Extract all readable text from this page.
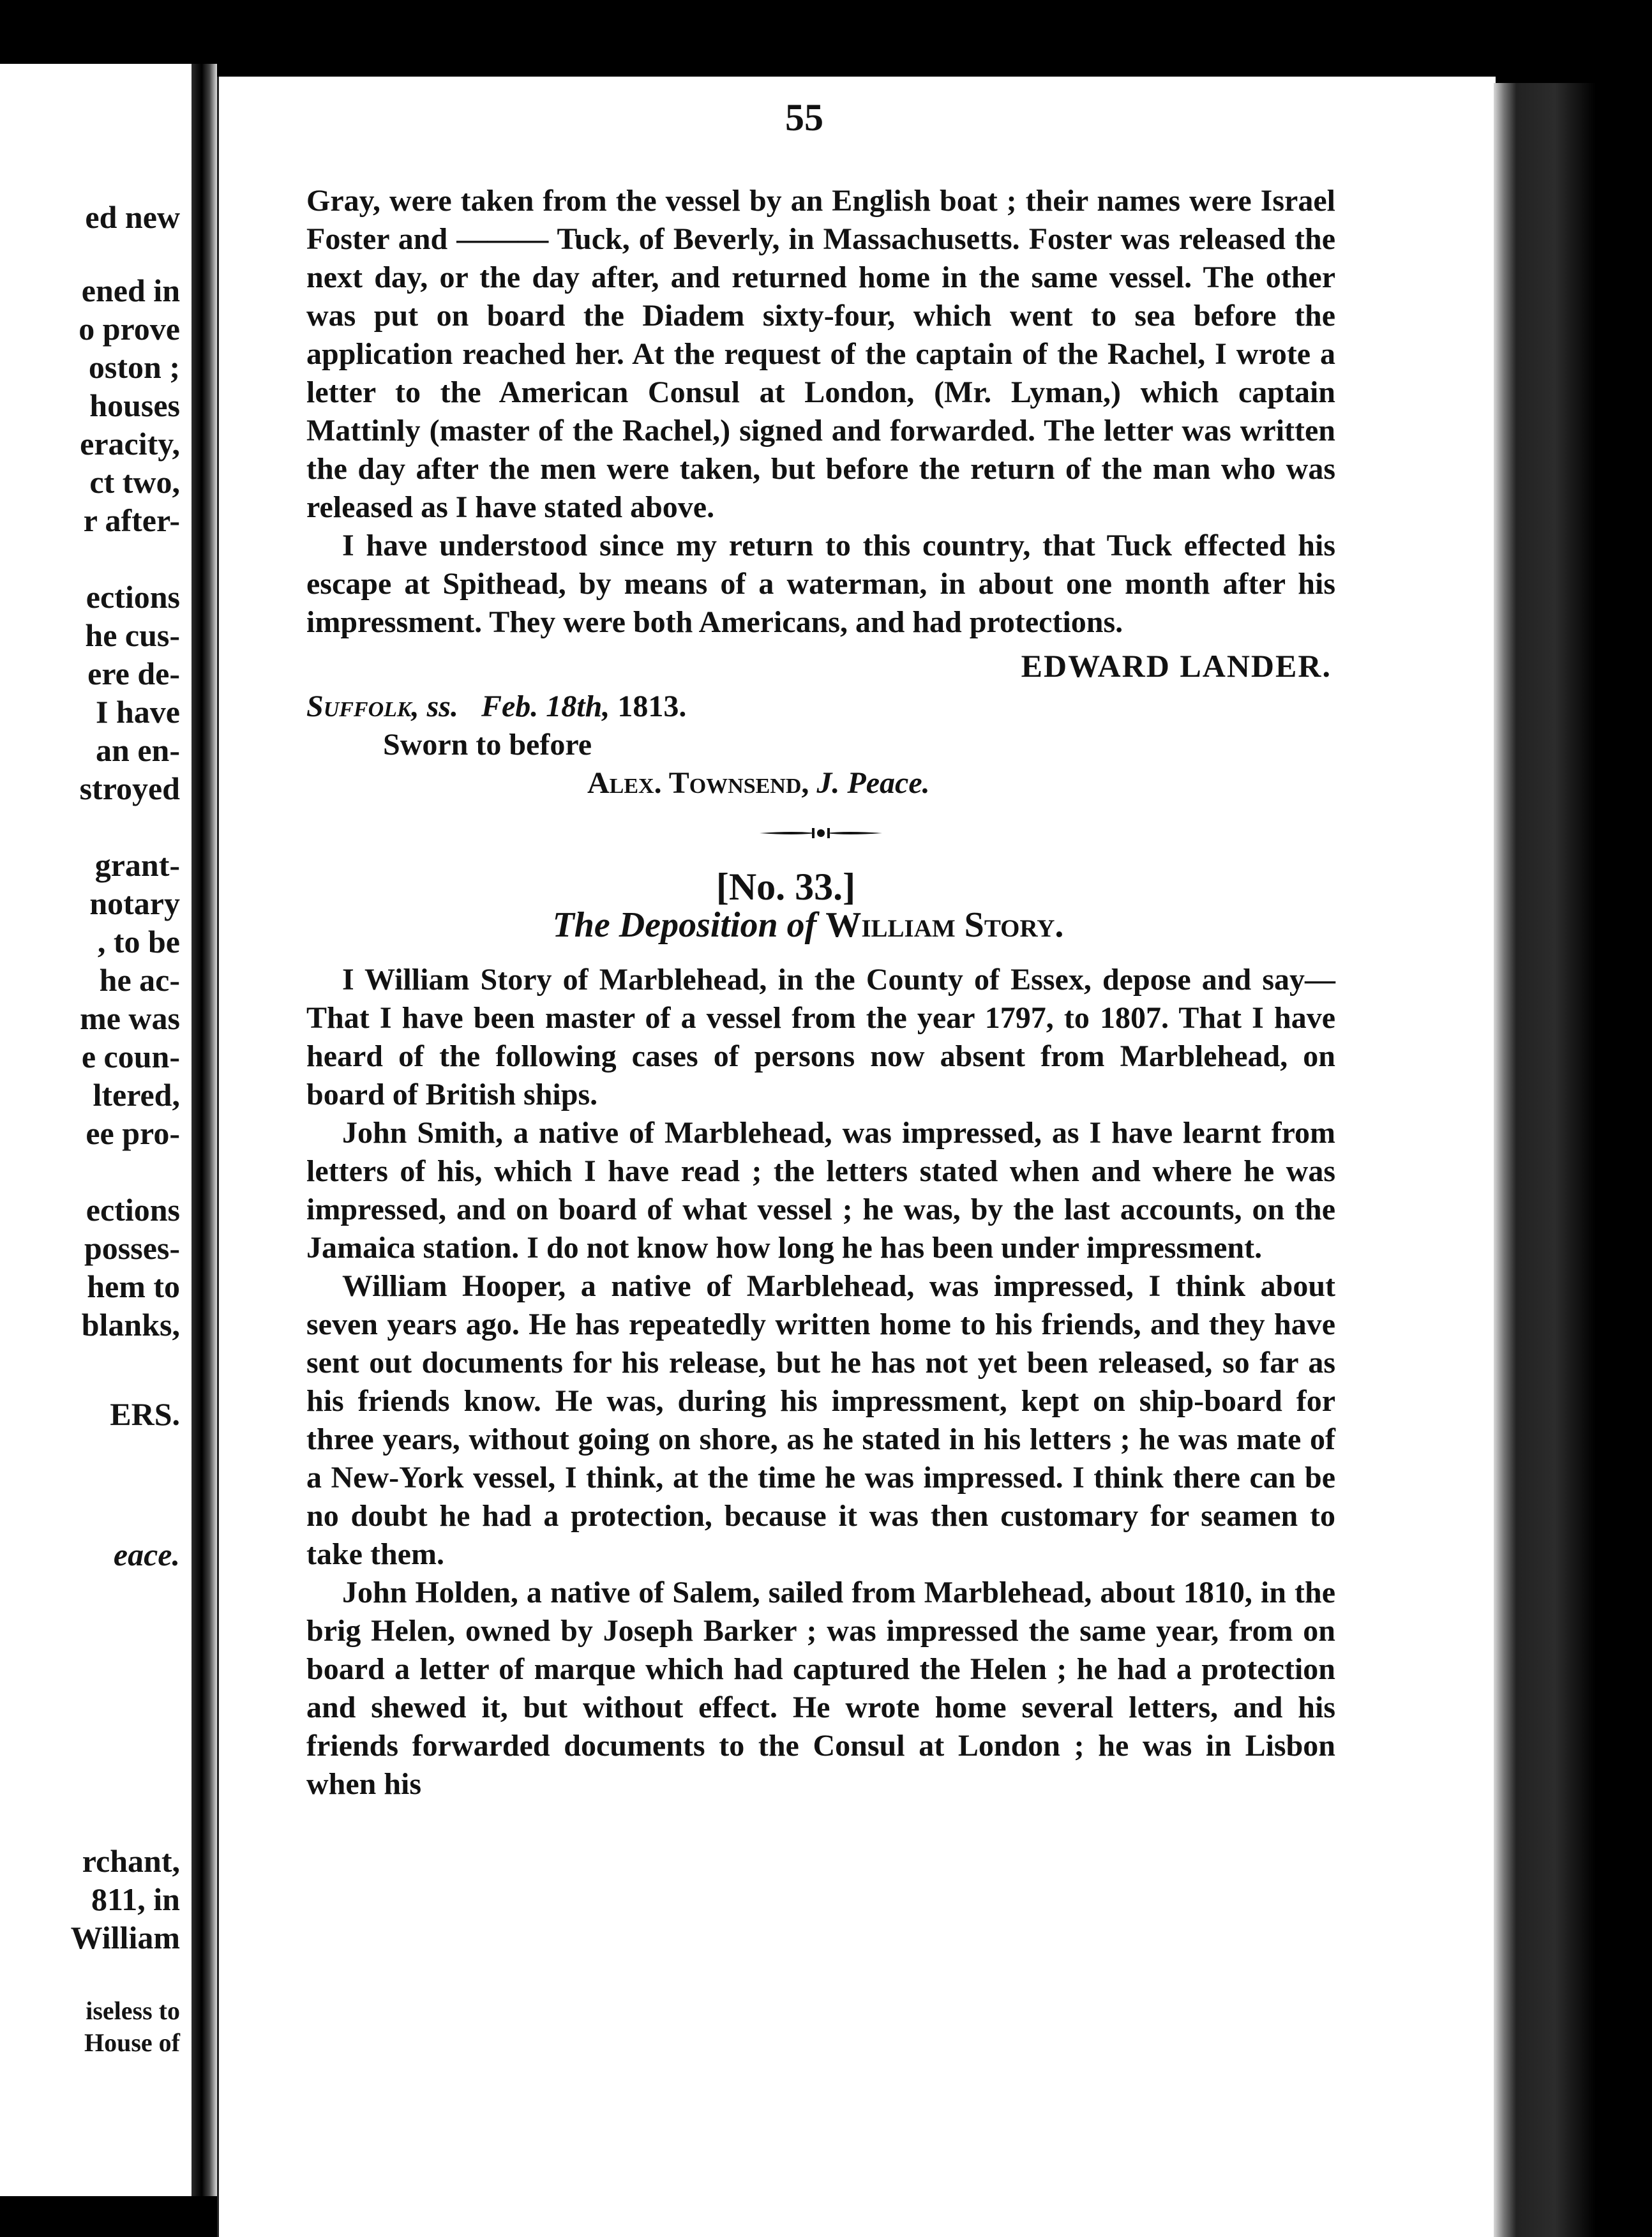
ed new
ened in
o prove
oston ;
houses
eracity,
ct two,
r after-
ections
he cus-
ere de-
I have
an en-
stroyed
grant-
notary
, to be
he ac-
me was
e coun-
ltered,
ee pro-
ections
posses-
hem to
blanks,
ERS.
eace.
rchant,
811, in
William
iseless to
House of
55

Gray, were taken from the vessel by an English boat ; their names were Israel Foster and ——— Tuck, of Beverly, in Massachusetts. Foster was released the next day, or the day after, and returned home in the same vessel. The other was put on board the Diadem sixty-four, which went to sea before the application reached her. At the request of the captain of the Rachel, I wrote a letter to the American Consul at London, (Mr. Lyman,) which captain Mattinly (master of the Rachel,) signed and forwarded. The letter was written the day after the men were taken, but before the return of the man who was released as I have stated above.

I have understood since my return to this country, that Tuck effected his escape at Spithead, by means of a waterman, in about one month after his impressment. They were both Americans, and had protections.

EDWARD LANDER.
Suffolk, ss. Feb. 18th, 1813.
Sworn to before
Alex. Townsend, J. Peace.
[No. 33.]
The Deposition of William Story.

I William Story of Marblehead, in the County of Essex, depose and say—That I have been master of a vessel from the year 1797, to 1807. That I have heard of the following cases of persons now absent from Marblehead, on board of British ships.

John Smith, a native of Marblehead, was impressed, as I have learnt from letters of his, which I have read ; the letters stated when and where he was impressed, and on board of what vessel ; he was, by the last accounts, on the Jamaica station. I do not know how long he has been under impressment.

William Hooper, a native of Marblehead, was impressed, I think about seven years ago. He has repeatedly written home to his friends, and they have sent out documents for his release, but he has not yet been released, so far as his friends know. He was, during his impressment, kept on ship-board for three years, without going on shore, as he stated in his letters ; he was mate of a New-York vessel, I think, at the time he was impressed. I think there can be no doubt he had a protection, because it was then customary for seamen to take them.

John Holden, a native of Salem, sailed from Marblehead, about 1810, in the brig Helen, owned by Joseph Barker ; was impressed the same year, from on board a letter of marque which had captured the Helen ; he had a protection and shewed it, but without effect. He wrote home several letters, and his friends forwarded documents to the Consul at London ; he was in Lisbon when his
